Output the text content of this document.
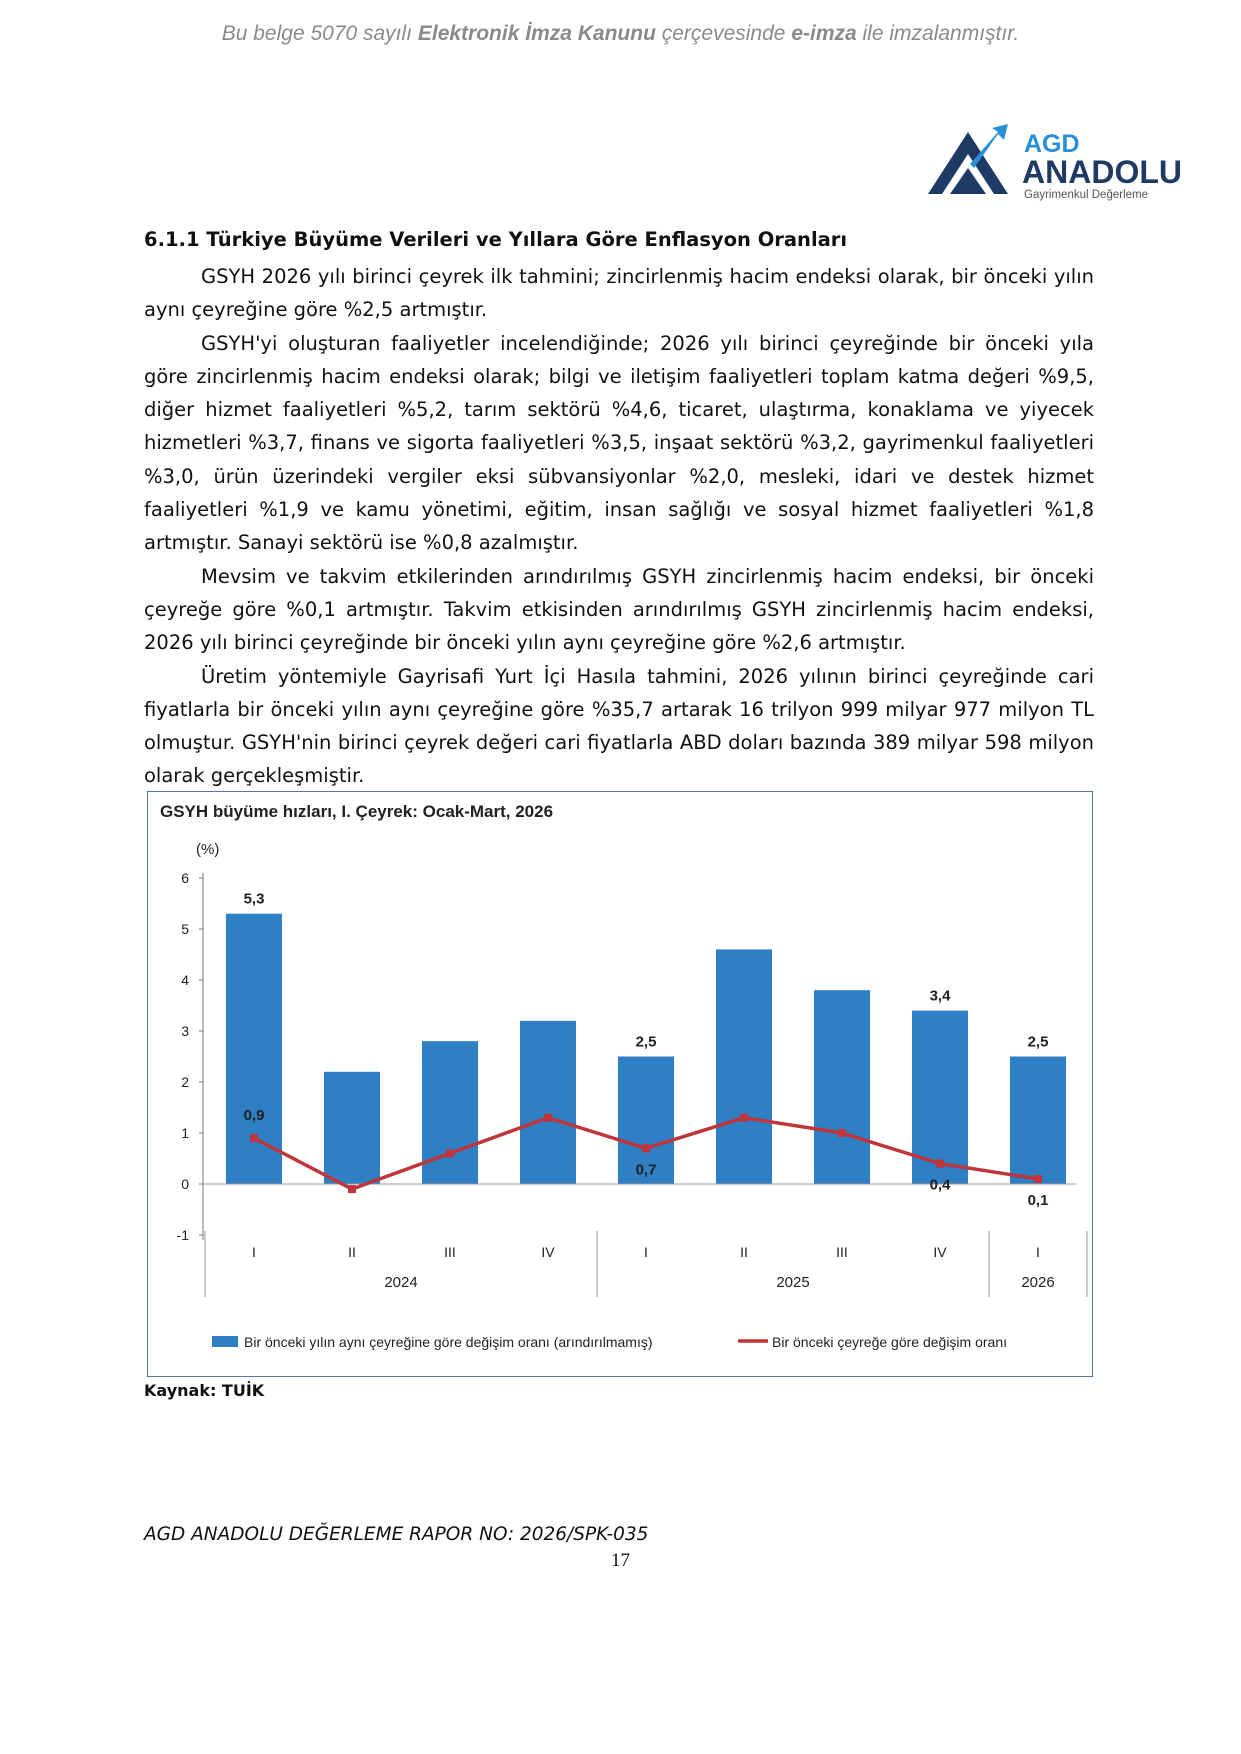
Bu belge 5070 sayılı Elektronik İmza Kanunu çerçevesinde e-imza ile imzalanmıştır.
AGD
ANADOLU
Gayrimenkul Değerleme
6.1.1 Türkiye Büyüme Verileri ve Yıllara Göre Enflasyon Oranları

GSYH 2026 yılı birinci çeyrek ilk tahmini; zincirlenmiş hacim endeksi olarak, bir önceki yılın aynı çeyreğine göre %2,5 artmıştır.

GSYH'yi oluşturan faaliyetler incelendiğinde; 2026 yılı birinci çeyreğinde bir önceki yıla göre zincirlenmiş hacim endeksi olarak; bilgi ve iletişim faaliyetleri toplam katma değeri %9,5, diğer hizmet faaliyetleri %5,2, tarım sektörü %4,6, ticaret, ulaştırma, konaklama ve yiyecek hizmetleri %3,7, finans ve sigorta faaliyetleri %3,5, inşaat sektörü %3,2, gayrimenkul faaliyetleri %3,0, ürün üzerindeki vergiler eksi sübvansiyonlar %2,0, mesleki, idari ve destek hizmet faaliyetleri %1,9 ve kamu yönetimi, eğitim, insan sağlığı ve sosyal hizmet faaliyetleri %1,8 artmıştır. Sanayi sektörü ise %0,8 azalmıştır.

Mevsim ve takvim etkilerinden arındırılmış GSYH zincirlenmiş hacim endeksi, bir önceki çeyreğe göre %0,1 artmıştır. Takvim etkisinden arındırılmış GSYH zincirlenmiş hacim endeksi, 2026 yılı birinci çeyreğinde bir önceki yılın aynı çeyreğine göre %2,6 artmıştır.

Üretim yöntemiyle Gayrisafi Yurt İçi Hasıla tahmini, 2026 yılının birinci çeyreğinde cari fiyatlarla bir önceki yılın aynı çeyreğine göre %35,7 artarak 16 trilyon 999 milyar 977 milyon TL olmuştur. GSYH'nin birinci çeyrek değeri cari fiyatlarla ABD doları bazında 389 milyar 598 milyon olarak gerçekleşmiştir.

GSYH büyüme hızları, I. Çeyrek: Ocak-Mart, 2026
(%)
6
5
4
3
2
1
0
-1
5,3
2,5
3,4
2,5
0,9
0,7
0,4
0,1
I	II	III	IV	I	II	III	IV	I
2024	2025	2026
Bir önceki yılın aynı çeyreğine göre değişim oranı (arındırılmamış)	Bir önceki çeyreğe göre değişim oranı
Kaynak: TUİK
AGD ANADOLU DEĞERLEME RAPOR NO: 2026/SPK-035
17
